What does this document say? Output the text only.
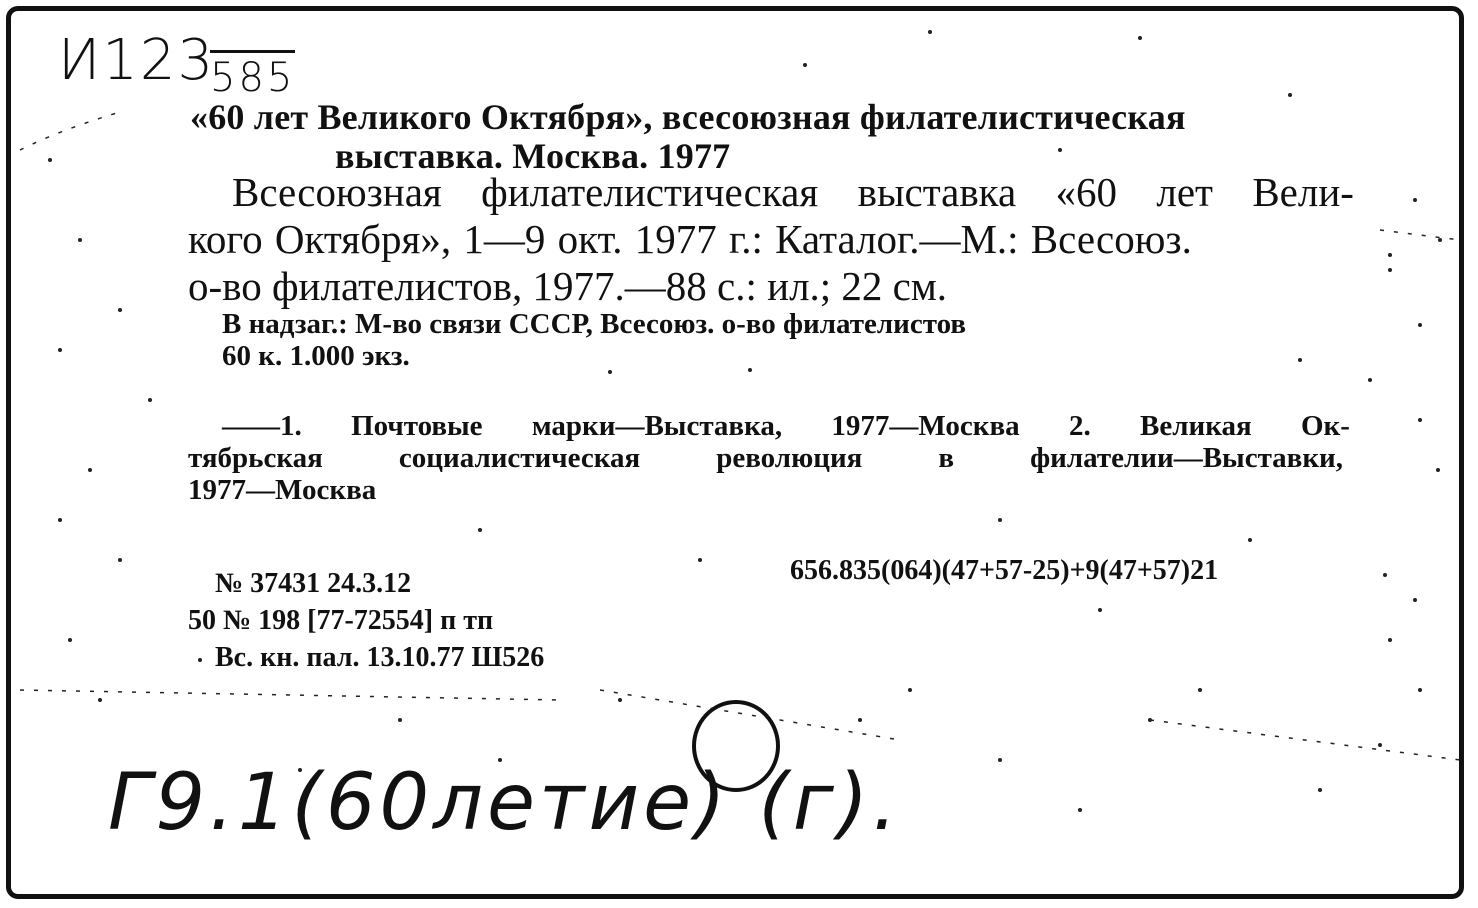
И123
585
«60 лет Великого Октября», всесоюзная филателистическая
выставка. Москва. 1977
Всесоюзная филателистическая выставка «60 лет Вели-
кого Октября», 1—9 окт. 1977 г.: Каталог.—М.: Всесоюз.
о-во филателистов, 1977.—88 с.: ил.; 22 см.
В надзаг.: М-во связи СССР, Всесоюз. о-во филателистов
60 к. 1.000 экз.
——1. Почтовые марки—Выставка, 1977—Москва 2. Великая Ок-
тябрьская	социалистическая	революция	в	филателии—Выставки,
1977—Москва
656.835(064)(47+57-25)+9(47+57)21
№ 37431 24.3.12
50 № 198 [77-72554] п тп
Вс. кн. пал. 13.10.77 Ш526
Г9.1(60летие) (г).
